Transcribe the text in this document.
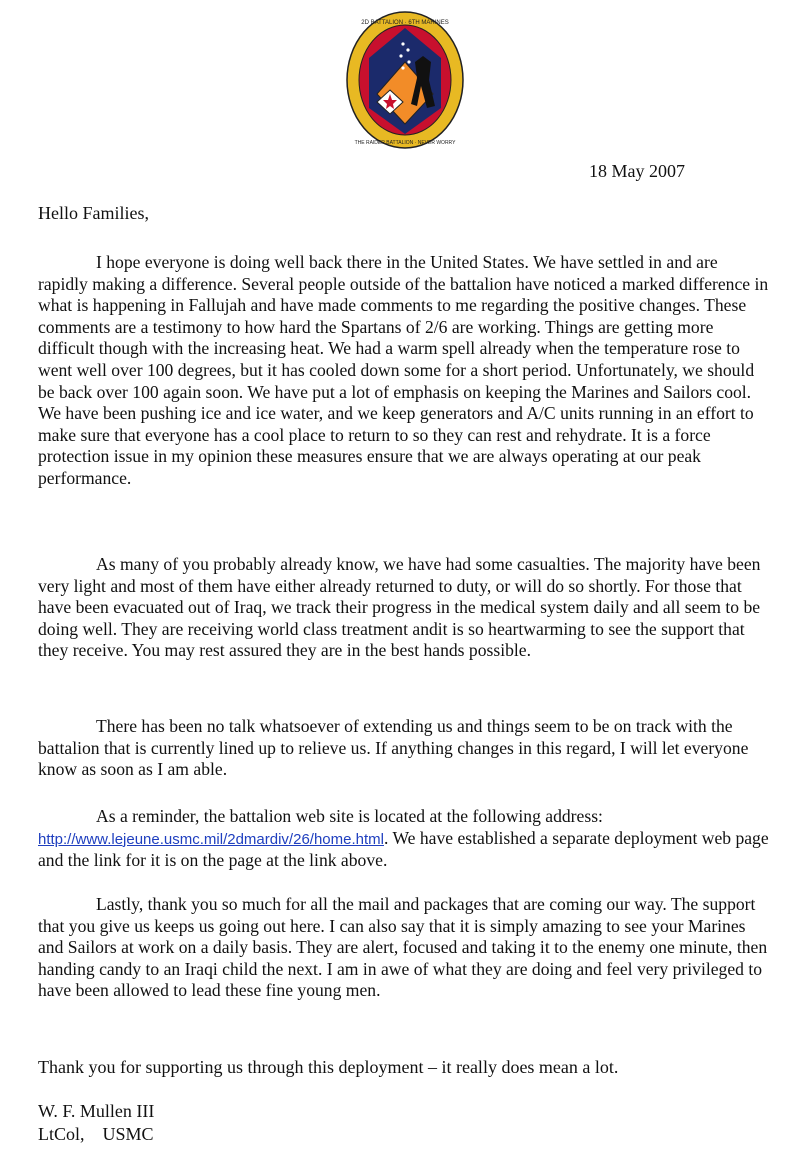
2D BATTALION · 6TH MARINES
THE RAIDER BATTALION · NEVER WORRY
18 May 2007
Hello Families,

I hope everyone is doing well back there in the United States. We have settled in and are rapidly making a difference. Several people outside of the battalion have noticed a marked difference in what is happening in Fallujah and have made comments to me regarding the positive changes. These comments are a testimony to how hard the Spartans of 2/6 are working. Things are getting more difficult though with the increasing heat. We had a warm spell already when the temperature rose to went well over 100 degrees, but it has cooled down some for a short period. Unfortunately, we should be back over 100 again soon. We have put a lot of emphasis on keeping the Marines and Sailors cool. We have been pushing ice and ice water, and we keep generators and A/C units running in an effort to make sure that everyone has a cool place to return to so they can rest and rehydrate. It is a force protection issue in my opinion these measures ensure that we are always operating at our peak performance.

As many of you probably already know, we have had some casualties. The majority have been very light and most of them have either already returned to duty, or will do so shortly. For those that have been evacuated out of Iraq, we track their progress in the medical system daily and all seem to be doing well. They are receiving world class treatment andit is so heartwarming to see the support that they receive. You may rest assured they are in the best hands possible.

There has been no talk whatsoever of extending us and things seem to be on track with the battalion that is currently lined up to relieve us. If anything changes in this regard, I will let everyone know as soon as I am able.

As a reminder, the battalion web site is located at the following address: http://www.lejeune.usmc.mil/2dmardiv/26/home.html. We have established a separate deployment web page and the link for it is on the page at the link above.

Lastly, thank you so much for all the mail and packages that are coming our way. The support that you give us keeps us going out here. I can also say that it is simply amazing to see your Marines and Sailors at work on a daily basis. They are alert, focused and taking it to the enemy one minute, then handing candy to an Iraqi child the next. I am in awe of what they are doing and feel very privileged to have been allowed to lead these fine young men.

Thank you for supporting us through this deployment – it really does mean a lot.
W. F. Mullen III
LtCol,    USMC
